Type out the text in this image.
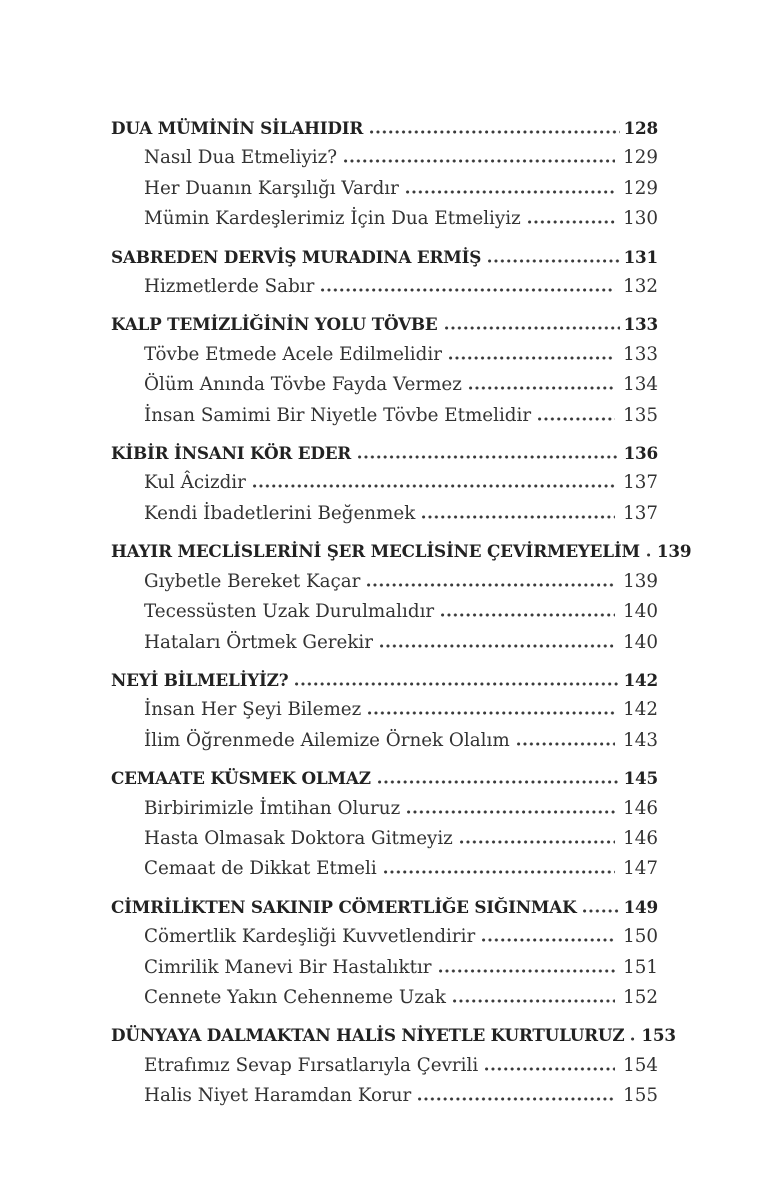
DUA MÜMİNİN SİLAHIDIR	128
Nasıl Dua Etmeliyiz?	129
Her Duanın Karşılığı Vardır	129
Mümin Kardeşlerimiz İçin Dua Etmeliyiz	130
SABREDEN DERVİŞ MURADINA ERMİŞ	131
Hizmetlerde Sabır	132
KALP TEMİZLİĞİNİN YOLU TÖVBE	133
Tövbe Etmede Acele Edilmelidir	133
Ölüm Anında Tövbe Fayda Vermez	134
İnsan Samimi Bir Niyetle Tövbe Etmelidir	135
KİBİR İNSANI KÖR EDER	136
Kul Âcizdir	137
Kendi İbadetlerini Beğenmek	137
HAYIR MECLİSLERİNİ ŞER MECLİSİNE ÇEVİRMEYELİM 139
Gıybetle Bereket Kaçar	139
Tecessüsten Uzak Durulmalıdır	140
Hataları Örtmek Gerekir	140
NEYİ BİLMELİYİZ?	142
İnsan Her Şeyi Bilemez	142
İlim Öğrenmede Ailemize Örnek Olalım	143
CEMAATE KÜSMEK OLMAZ	145
Birbirimizle İmtihan Oluruz	146
Hasta Olmasak Doktora Gitmeyiz	146
Cemaat de Dikkat Etmeli	147
CİMRİLİKTEN SAKINIP CÖMERTLİĞE SIĞINMAK	149
Cömertlik Kardeşliği Kuvvetlendirir	150
Cimrilik Manevi Bir Hastalıktır	151
Cennete Yakın Cehenneme Uzak	152
DÜNYAYA DALMAKTAN HALİS NİYETLE KURTULURUZ 153
Etrafımız Sevap Fırsatlarıyla Çevrili	154
Halis Niyet Haramdan Korur	155
